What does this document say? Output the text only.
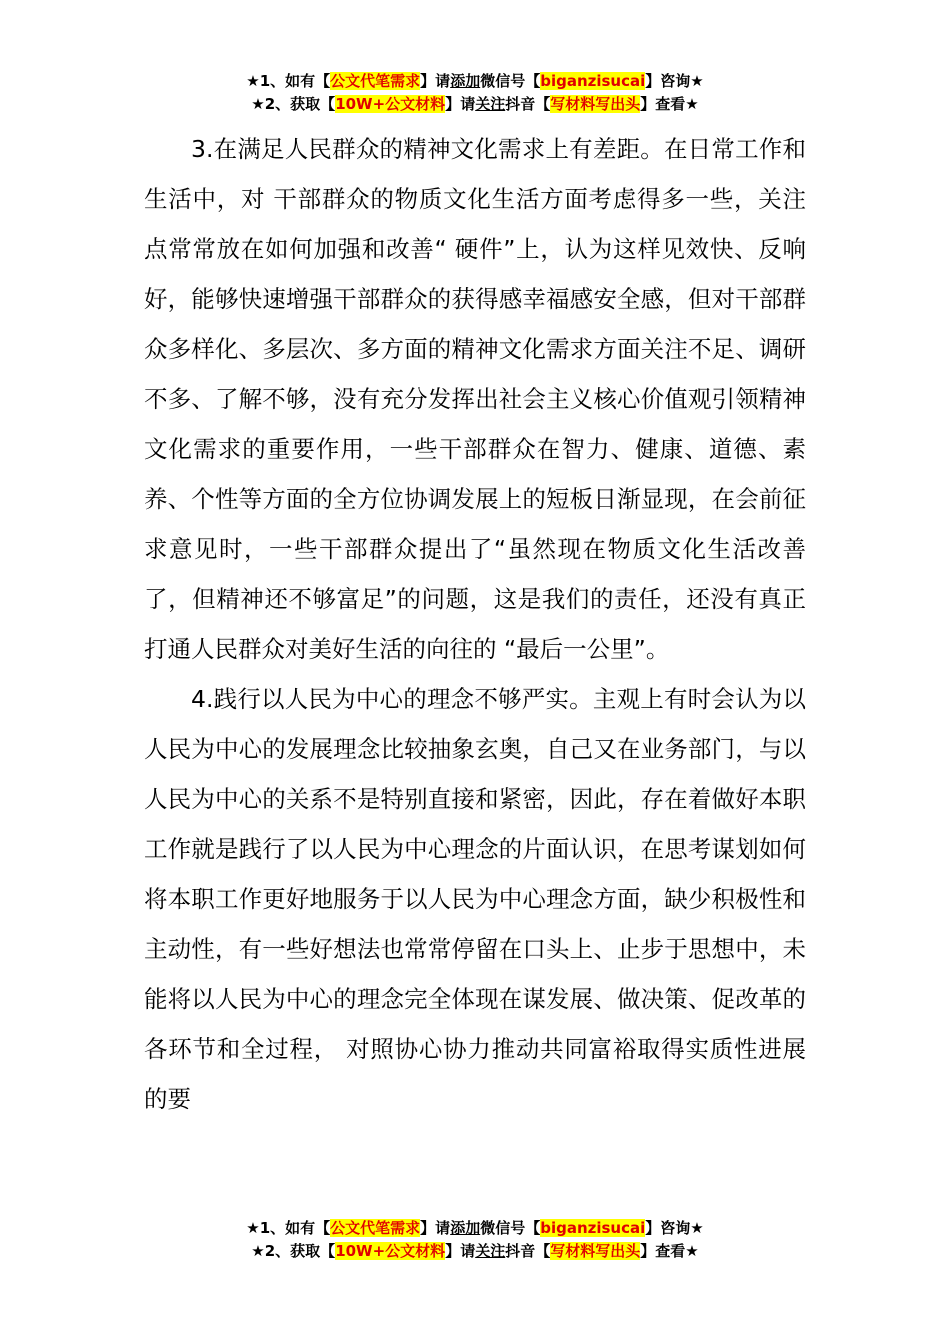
★1、如有【公文代笔需求】请添加微信号【biganzisucai】咨询★
★2、获取【10W+公文材料】请关注抖音【写材料写出头】查看★

3.在满足人民群众的精神文化需求上有差距。在日常工作和生活中，对 干部群众的物质文化生活方面考虑得多一些，关注点常常放在如何加强和改善“ 硬件”上，认为这样见效快、反响好，能够快速增强干部群众的获得感幸福感安全感，但对干部群众多样化、多层次、多方面的精神文化需求方面关注不足、调研不多、了解不够，没有充分发挥出社会主义核心价值观引领精神文化需求的重要作用，一些干部群众在智力、健康、道德、素养、个性等方面的全方位协调发展上的短板日渐显现，在会前征求意见时，一些干部群众提出了“虽然现在物质文化生活改善了，但精神还不够富足”的问题，这是我们的责任，还没有真正打通人民群众对美好生活的向往的 “最后一公里”。

4.践行以人民为中心的理念不够严实。主观上有时会认为以人民为中心的发展理念比较抽象玄奥，自己又在业务部门，与以人民为中心的关系不是特别直接和紧密，因此，存在着做好本职工作就是践行了以人民为中心理念的片面认识，在思考谋划如何将本职工作更好地服务于以人民为中心理念方面，缺少积极性和主动性，有一些好想法也常常停留在口头上、止步于思想中，未能将以人民为中心的理念完全体现在谋发展、做决策、促改革的各环节和全过程， 对照协心协力推动共同富裕取得实质性进展的要

★1、如有【公文代笔需求】请添加微信号【biganzisucai】咨询★
★2、获取【10W+公文材料】请关注抖音【写材料写出头】查看★
